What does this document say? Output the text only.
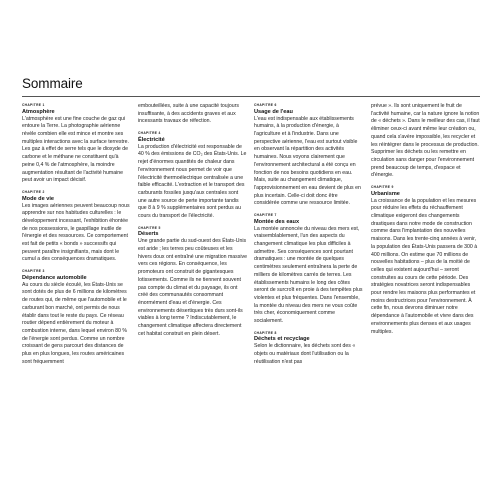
Sommaire
CHAPITRE 1
Atmosphère

L'atmosphère est une fine couche de gaz qui entoure la Terre. La photographie aérienne révèle combien elle est mince et montre ses multiples interactions avec la surface terrestre. Les gaz à effet de serre tels que le dioxyde de carbone et le méthane ne constituent qu'à peine 0,4 % de l'atmosphère, la moindre augmentation résultant de l'activité humaine peut avoir un impact décisif.

CHAPITRE 2
Mode de vie

Les images aériennes peuvent beaucoup nous apprendre sur nos habitudes culturelles : le développement incessant, l'exhibition éhontée de nos possessions, le gaspillage inutile de l'énergie et des ressources. Ce comportement est fait de petits « bonds » successifs qui peuvent paraître insignifiants, mais dont le cumul a des conséquences dramatiques.

CHAPITRE 3
Dépendance automobile

Au cours du siècle écoulé, les États-Unis se sont dotés de plus de 6 millions de kilomètres de routes qui, de même que l'automobile et le carburant bon marché, ont permis de nous établir dans tout le reste du pays. Ce réseau routier dépend entièrement du moteur à combustion interne, dans lequel environ 80 % de l'énergie sont perdus. Comme un nombre croissant de gens parcourt des distances de plus en plus longues, les routes américaines sont fréquemment

embouteillées, suite à une capacité toujours insuffisante, à des accidents graves et aux incessants travaux de réfection.

CHAPITRE 4
Électricité

La production d'électricité est responsable de 40 % des émissions de CO₂ des États-Unis. Le rejet d'énormes quantités de chaleur dans l'environnement nous permet de voir que l'électricité thermoélectrique centralisée a une faible efficacité. L'extraction et le transport des carburants fossiles jusqu'aux centrales sont une autre source de perte importante tandis que 8 à 9 % supplémentaires sont perdus au cours du transport de l'électricité.

CHAPITRE 5
Déserts

Une grande partie du sud-ouest des États-Unis est aride ; les terres peu coûteuses et les hivers doux ont entraîné une migration massive vers ces régions. En conséquence, les promoteurs ont construit de gigantesques lotissements. Comme ils ne tiennent souvent pas compte du climat et du paysage, ils ont créé des communautés consommant énormément d'eau et d'énergie. Ces environnements désertiques très durs sont-ils viables à long terme ? Indiscutablement, le changement climatique affectera directement cet habitat construit en plein désert.

CHAPITRE 6
Usage de l'eau

L'eau est indispensable aux établissements humains, à la production d'énergie, à l'agriculture et à l'industrie. Dans une perspective aérienne, l'eau est surtout visible en observant la répartition des activités humaines. Nous voyons clairement que l'environnement architectural a été conçu en fonction de nos besoins quotidiens en eau. Mais, suite au changement climatique, l'approvisionnement en eau devient de plus en plus incertain. Celle-ci doit donc être considérée comme une ressource limitée.

CHAPITRE 7
Montée des eaux

La montée annoncée du niveau des mers est, vraisemblablement, l'un des aspects du changement climatique les plus difficiles à admettre. Ses conséquences sont pourtant dramatiques : une montée de quelques centimètres seulement entraînera la perte de milliers de kilomètres carrés de terres. Les établissements humains le long des côtes seront de surcroît en proie à des tempêtes plus violentes et plus fréquentes. Dans l'ensemble, la montée du niveau des mers ne vous coûte très cher, économiquement comme socialement.

CHAPITRE 8
Déchets et recyclage

Selon le dictionnaire, les déchets sont des « objets ou matériaux dont l'utilisation ou la réutilisation n'est pas

prévue ». Ils sont uniquement le fruit de l'activité humaine, car la nature ignore la notion de « déchets ». Dans le meilleur des cas, il faut éliminer ceux-ci avant même leur création ou, quand cela s'avère impossible, les recycler et les réintégrer dans le processus de production. Supprimer les déchets ou les remettre en circulation sans danger pour l'environnement prend beaucoup de temps, d'espace et d'énergie.

CHAPITRE 9
Urbanisme

La croissance de la population et les mesures pour réduire les effets du réchauffement climatique exigeront des changements drastiques dans notre mode de construction comme dans l'implantation des nouvelles maisons. Dans les trente-cinq années à venir, la population des États-Unis passera de 300 à 400 millions. On estime que 70 millions de nouvelles habitations – plus de la moitié de celles qui existent aujourd'hui – seront construites au cours de cette période. Des stratégies novatrices seront indispensables pour rendre les maisons plus performantes et moins destructrices pour l'environnement. À cette fin, nous devrons diminuer notre dépendance à l'automobile et vivre dans des environnements plus denses et aux usages multiples.
